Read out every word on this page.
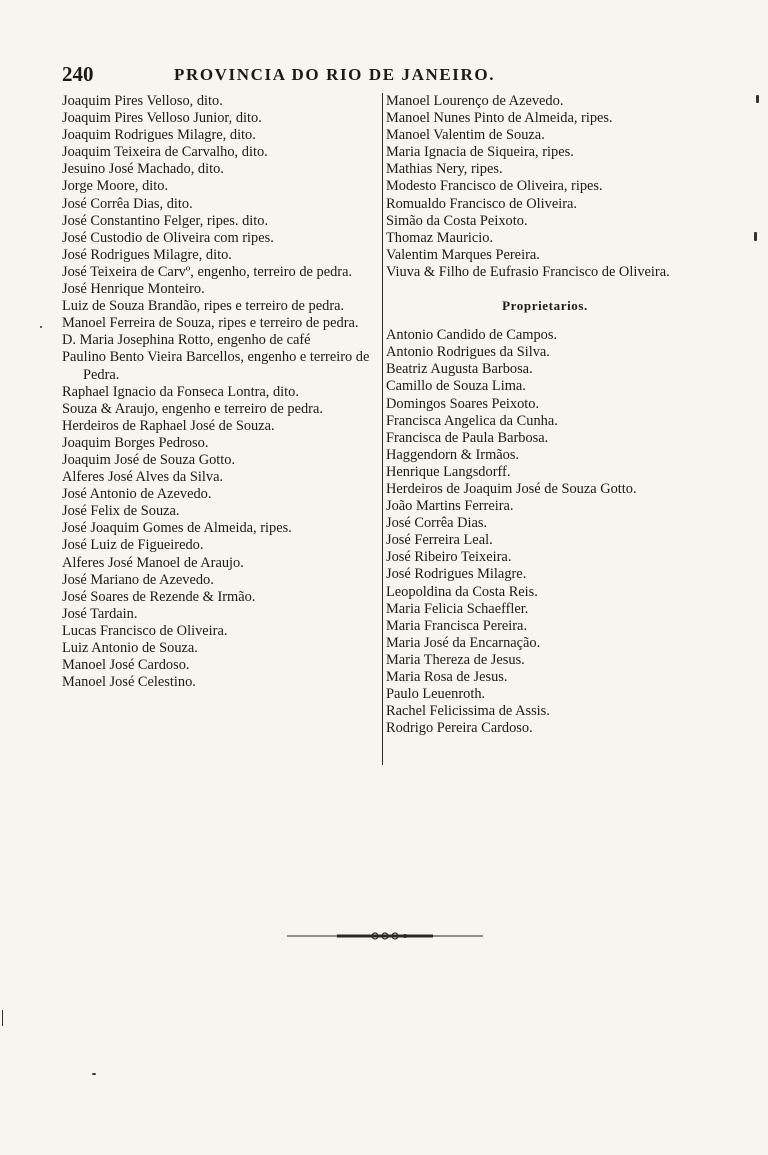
240	PROVINCIA DO RIO DE JANEIRO.
Joaquim Pires Velloso, dito.
Joaquim Pires Velloso Junior, dito.
Joaquim Rodrigues Milagre, dito.
Joaquim Teixeira de Carvalho, dito.
Jesuino José Machado, dito.
Jorge Moore, dito.
José Corrêa Dias, dito.
José Constantino Felger, ripes. dito.
José Custodio de Oliveira com ripes.
José Rodrigues Milagre, dito.
José Teixeira de Carvº, engenho, terreiro de pedra.
José Henrique Monteiro.
Luiz de Souza Brandão, ripes e terreiro de pedra.
Manoel Ferreira de Souza, ripes e terreiro de pedra.
D. Maria Josephina Rotto, engenho de café
Paulino Bento Vieira Barcellos, engenho e terreiro de Pedra.
Raphael Ignacio da Fonseca Lontra, dito.
Souza & Araujo, engenho e terreiro de pedra.
Herdeiros de Raphael José de Souza.
Joaquim Borges Pedroso.
Joaquim José de Souza Gotto.
Alferes José Alves da Silva.
José Antonio de Azevedo.
José Felix de Souza.
José Joaquim Gomes de Almeida, ripes.
José Luiz de Figueiredo.
Alferes José Manoel de Araujo.
José Mariano de Azevedo.
José Soares de Rezende & Irmão.
José Tardain.
Lucas Francisco de Oliveira.
Luiz Antonio de Souza.
Manoel José Cardoso.
Manoel José Celestino.
Manoel Lourenço de Azevedo.
Manoel Nunes Pinto de Almeida, ripes.
Manoel Valentim de Souza.
Maria Ignacia de Siqueira, ripes.
Mathias Nery, ripes.
Modesto Francisco de Oliveira, ripes.
Romualdo Francisco de Oliveira.
Simão da Costa Peixoto.
Thomaz Mauricio.
Valentim Marques Pereira.
Viuva & Filho de Eufrasio Francisco de Oliveira.
Proprietarios.
Antonio Candido de Campos.
Antonio Rodrigues da Silva.
Beatriz Augusta Barbosa.
Camillo de Souza Lima.
Domingos Soares Peixoto.
Francisca Angelica da Cunha.
Francisca de Paula Barbosa.
Haggendorn & Irmãos.
Henrique Langsdorff.
Herdeiros de Joaquim José de Souza Gotto.
João Martins Ferreira.
José Corrêa Dias.
José Ferreira Leal.
José Ribeiro Teixeira.
José Rodrigues Milagre.
Leopoldina da Costa Reis.
Maria Felicia Schaeffler.
Maria Francisca Pereira.
Maria José da Encarnação.
Maria Thereza de Jesus.
Maria Rosa de Jesus.
Paulo Leuenroth.
Rachel Felicissima de Assis.
Rodrigo Pereira Cardoso.
